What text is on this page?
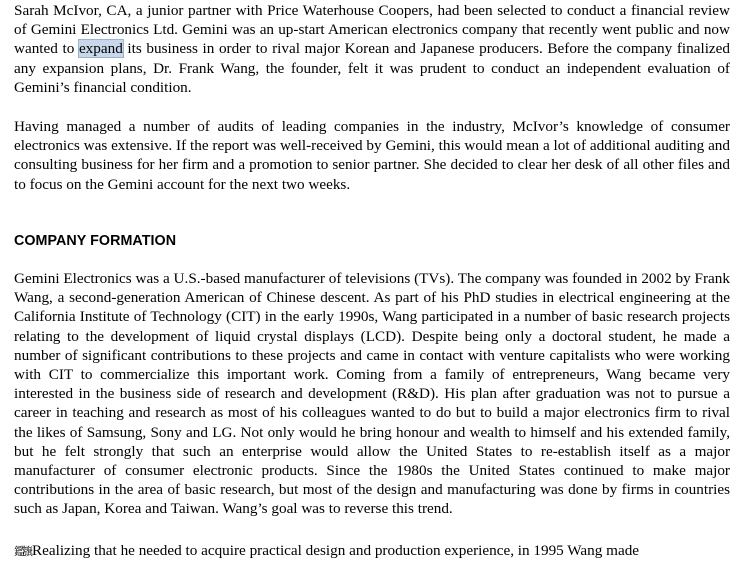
Sarah McIvor, CA, a junior partner with Price Waterhouse Coopers, had been selected to conduct a financial review of Gemini Electronics Ltd. Gemini was an up-start American electronics company that recently went public and now wanted to expand its business in order to rival major Korean and Japanese producers. Before the company finalized any expansion plans, Dr. Frank Wang, the founder, felt it was prudent to conduct an independent evaluation of Gemini’s financial condition.

Having managed a number of audits of leading companies in the industry, McIvor’s knowledge of consumer electronics was extensive. If the report was well-received by Gemini, this would mean a lot of additional auditing and consulting business for her firm and a promotion to senior partner. She decided to clear her desk of all other files and to focus on the Gemini account for the next two weeks.

COMPANY FORMATION

Gemini Electronics was a U.S.-based manufacturer of televisions (TVs). The company was founded in 2002 by Frank Wang, a second-generation American of Chinese descent. As part of his PhD studies in electrical engineering at the California Institute of Technology (CIT) in the early 1990s, Wang participated in a number of basic research projects relating to the development of liquid crystal displays (LCD). Despite being only a doctoral student, he made a number of significant contributions to these projects and came in contact with venture capitalists who were working with CIT to commercialize this important work. Coming from a family of entrepreneurs, Wang became very interested in the business side of research and development (R&D). His plan after graduation was not to pursue a career in teaching and research as most of his colleagues wanted to do but to build a major electronics firm to rival the likes of Samsung, Sony and LG. Not only would he bring honour and wealth to himself and his extended family, but he felt strongly that such an enterprise would allow the United States to re-establish itself as a major manufacturer of consumer electronic products. Since the 1980s the United States continued to make major contributions in the area of basic research, but most of the design and manufacturing was done by firms in countries such as Japan, Korea and Taiwan. Wang’s goal was to reverse this trend.

鑑籏 Realizing that he needed to acquire practical design and production experience, in 1995 Wang made
